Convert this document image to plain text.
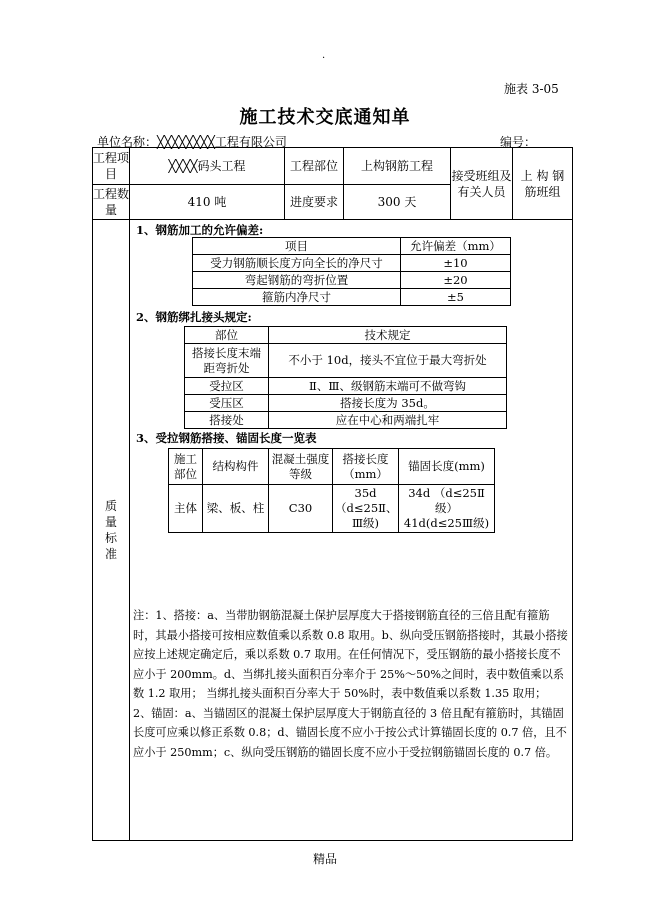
.
施表 3-05
施工技术交底通知单
单位名称：╳╳╳╳╳╳╳╳工程有限公司	编号：
工程项目	╳╳╳╳码头工程	工程部位	上构钢筋工程	接受班组及有关人员	上 构 钢 筋班组
工程数量	410 吨	进度要求	300 天

质
量
标
准

1、钢筋加工的允许偏差:
项目	允许偏差（mm）
受力钢筋顺长度方向全长的净尺寸	±10
弯起钢筋的弯折位置	±20
箍筋内净尺寸	±5
2、钢筋绑扎接头规定:
部位	技术规定
搭接长度末端距弯折处	不小于 10d，接头不宜位于最大弯折处
受拉区	Ⅱ、Ⅲ、级钢筋末端可不做弯钩
受压区	搭接长度为 35d。
搭接处	应在中心和两端扎牢
3、受拉钢筋搭接、锚固长度一览表
施工部位	结构构件	混凝土强度等级	搭接长度（mm）	锚固长度(mm)
主体	梁、板、柱	C30	35d（d≤25Ⅱ、Ⅲ级)	
34d （d≤25Ⅱ级）
41d(d≤25Ⅲ级)
注：1、搭接：a、当带肋钢筋混凝土保护层厚度大于搭接钢筋直径的三倍且配有箍筋时，其最小搭接可按相应数值乘以系数 0.8 取用。b、纵向受压钢筋搭接时，其最小搭接应按上述规定确定后，乘以系数 0.7 取用。在任何情况下，受压钢筋的最小搭接长度不应小于 200mm。d、当绑扎接头面积百分率介于 25%～50%之间时，表中数值乘以系数 1.2 取用； 当绑扎接头面积百分率大于 50%时，表中数值乘以系数 1.35 取用；
2、锚固：a、当锚固区的混凝土保护层厚度大于钢筋直径的 3 倍且配有箍筋时，其锚固长度可应乘以修正系数 0.8；d、锚固长度不应小于按公式计算锚固长度的 0.7 倍，且不应小于 250mm；c、纵向受压钢筋的锚固长度不应小于受拉钢筋锚固长度的 0.7 倍。
精品
